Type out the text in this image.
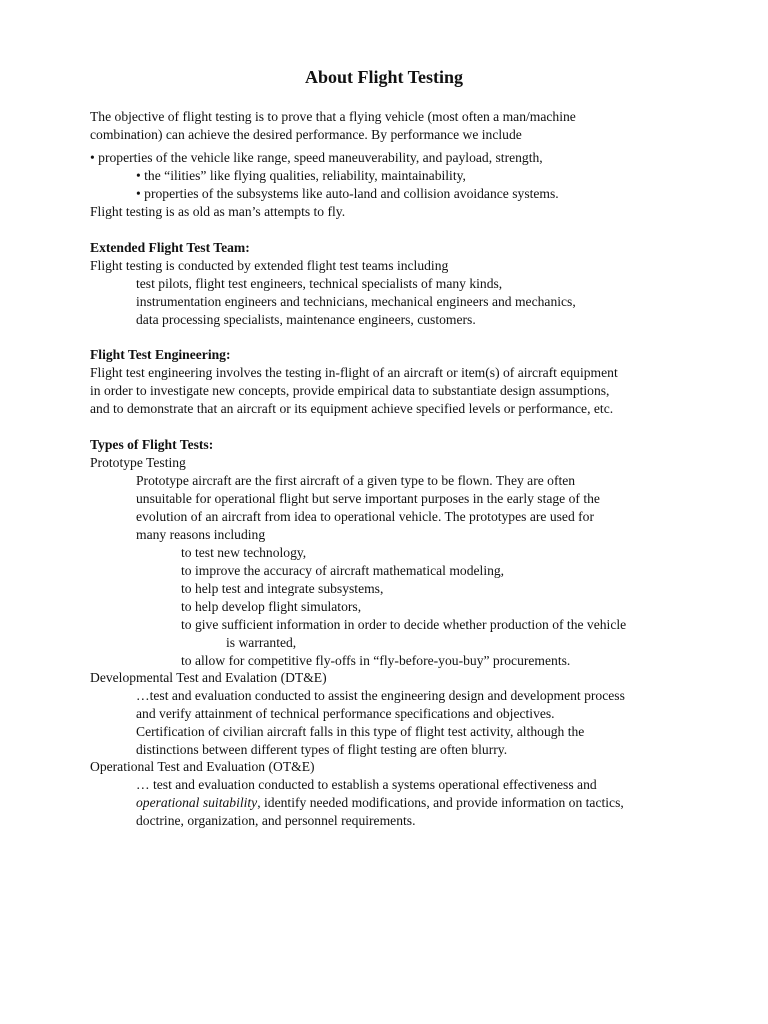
About Flight Testing
The objective of flight testing is to prove that a flying vehicle (most often a man/machine
combination) can achieve the desired performance. By performance we include
• properties of the vehicle like range, speed maneuverability, and payload, strength,
• the “ilities” like flying qualities, reliability, maintainability,
• properties of the subsystems like auto-land and collision avoidance systems.
Flight testing is as old as man’s attempts to fly.
Extended Flight Test Team:
Flight testing is conducted by extended flight test teams including
test pilots, flight test engineers, technical specialists of many kinds,
instrumentation engineers and technicians, mechanical engineers and mechanics,
data processing specialists, maintenance engineers, customers.
Flight Test Engineering:
Flight test engineering involves the testing in-flight of an aircraft or item(s) of aircraft equipment
in order to investigate new concepts, provide empirical data to substantiate design assumptions,
and to demonstrate that an aircraft or its equipment achieve specified levels or performance, etc.
Types of Flight Tests:
Prototype Testing
Prototype aircraft are the first aircraft of a given type to be flown. They are often
unsuitable for operational flight but serve important purposes in the early stage of the
evolution of an aircraft from idea to operational vehicle. The prototypes are used for
many reasons including
to test new technology,
to improve the accuracy of aircraft mathematical modeling,
to help test and integrate subsystems,
to help develop flight simulators,
to give sufficient information in order to decide whether production of the vehicle
is warranted,
to allow for competitive fly-offs in “fly-before-you-buy” procurements.
Developmental Test and Evalation (DT&E)
…test and evaluation conducted to assist the engineering design and development process
and verify attainment of technical performance specifications and objectives.
Certification of civilian aircraft falls in this type of flight test activity, although the
distinctions between different types of flight testing are often blurry.
Operational Test and Evaluation (OT&E)
… test and evaluation conducted to establish a systems operational effectiveness and
operational suitability, identify needed modifications, and provide information on tactics,
doctrine, organization, and personnel requirements.
